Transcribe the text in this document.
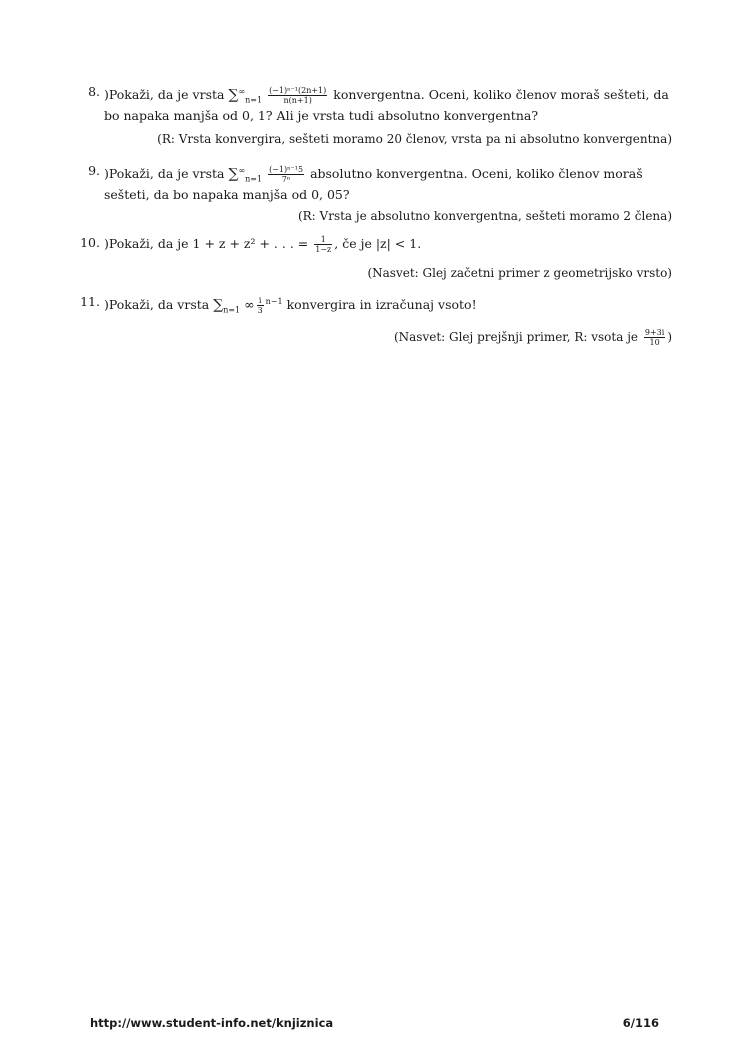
8. )Pokaži, da je vrsta $\sum^\infty_{n=1} \frac{\text{(−1)ⁿ⁻¹(2n+1)}}{n(n+1)}$ konvergentna. Oceni, koliko členov moraš sešteti, da bo napaka manjša od 0, 1? Ali je vrsta tudi absolutno konvergentna?
(R: Vrsta konvergira, sešteti moramo 20 členov, vrsta pa ni absolutno konvergentna)
9. )Pokaži, da je vrsta $\sum^\infty_{n=1} \frac{\text{(−1)ⁿ⁻¹5}}{\text{7ⁿ}}$ absolutno konvergentna. Oceni, koliko členov moraš sešteti, da bo napaka manjša od 0, 05?
(R: Vrsta je absolutno konvergentna, sešteti moramo 2 člena)
10. )Pokaži, da je 1 + z + z² + . . . = $\frac{1}{1-z}$ , če je |z| < 1.
(Nasvet: Glej začetni primer z geometrijsko vrsto)
11. )Pokaži, da vrsta $\sum_{n=1}$ ∞ $\frac{i}{3} ^{n-1}$ konvergira in izračunaj vsoto!
(Nasvet: Glej prejšnji primer, R: vsota je $\frac{9+3i}{10}$ )
http://www.student-info.net/knjiznica	6/116
